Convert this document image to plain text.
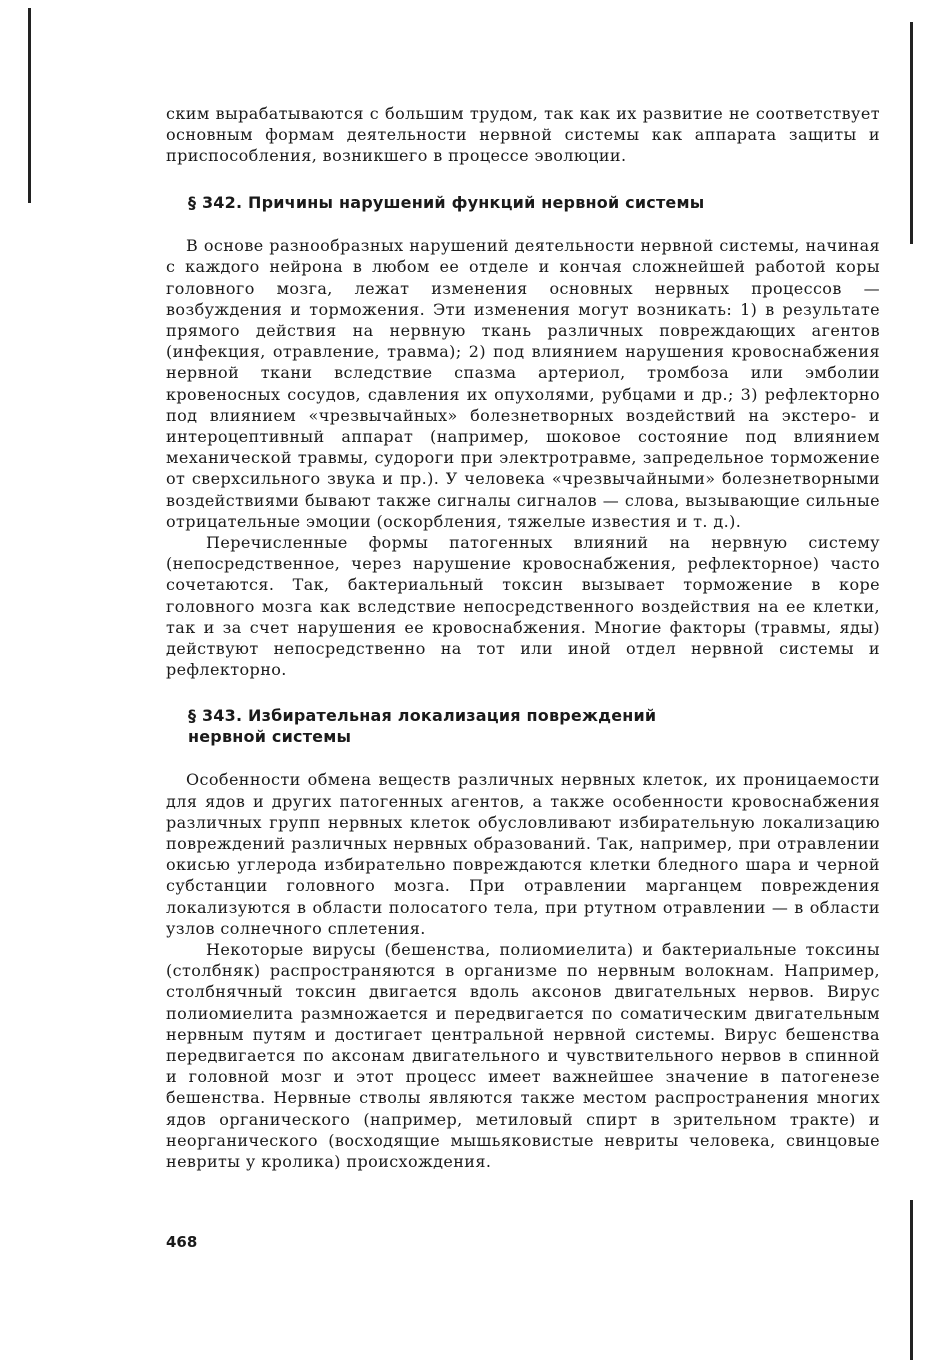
ским вырабатываются с большим трудом, так как их развитие не соответствует основным формам деятельности нервной системы как аппарата защиты и приспособления, возникшего в процессе эволюции.

§ 342. Причины нарушений функций нервной системы

В основе разнообразных нарушений деятельности нервной системы, начиная с каждого нейрона в любом ее отделе и кончая сложнейшей работой коры головного мозга, лежат изменения основных нервных процессов — возбуждения и торможения. Эти изменения могут возникать: 1) в результате прямого действия на нервную ткань различных повреждающих агентов (инфекция, отравление, травма); 2) под влиянием нарушения кровоснабжения нервной ткани вследствие спазма артериол, тромбоза или эмболии кровеносных сосудов, сдавления их опухолями, рубцами и др.; 3) рефлекторно под влиянием «чрезвычайных» болезнетворных воздействий на экстеро- и интероцептивный аппарат (например, шоковое состояние под влиянием механической травмы, судороги при электротравме, запредельное торможение от сверхсильного звука и пр.). У человека «чрезвычайными» болезнетворными воздействиями бывают также сигналы сигналов — слова, вызывающие сильные отрицательные эмоции (оскорбления, тяжелые известия и т. д.).

Перечисленные формы патогенных влияний на нервную систему (непосредственное, через нарушение кровоснабжения, рефлекторное) часто сочетаются. Так, бактериальный токсин вызывает торможение в коре головного мозга как вследствие непосредственного воздействия на ее клетки, так и за счет нарушения ее кровоснабжения. Многие факторы (травмы, яды) действуют непосредственно на тот или иной отдел нервной системы и рефлекторно.

§ 343. Избирательная локализация повреждений
нервной системы

Особенности обмена веществ различных нервных клеток, их проницаемости для ядов и других патогенных агентов, а также особенности кровоснабжения различных групп нервных клеток обусловливают избирательную локализацию повреждений различных нервных образований. Так, например, при отравлении окисью углерода избирательно повреждаются клетки бледного шара и черной субстанции головного мозга. При отравлении марганцем повреждения локализуются в области полосатого тела, при ртутном отравлении — в области узлов солнечного сплетения.

Некоторые вирусы (бешенства, полиомиелита) и бактериальные токсины (столбняк) распространяются в организме по нервным волокнам. Например, столбнячный токсин двигается вдоль аксонов двигательных нервов. Вирус полиомиелита размножается и передвигается по соматическим двигательным нервным путям и достигает центральной нервной системы. Вирус бешенства передвигается по аксонам двигательного и чувствительного нервов в спинной и головной мозг и этот процесс имеет важнейшее значение в патогенезе бешенства. Нервные стволы являются также местом распространения многих ядов органического (например, метиловый спирт в зрительном тракте) и неорганического (восходящие мышьяковистые невриты человека, свинцовые невриты у кролика) происхождения.

468
